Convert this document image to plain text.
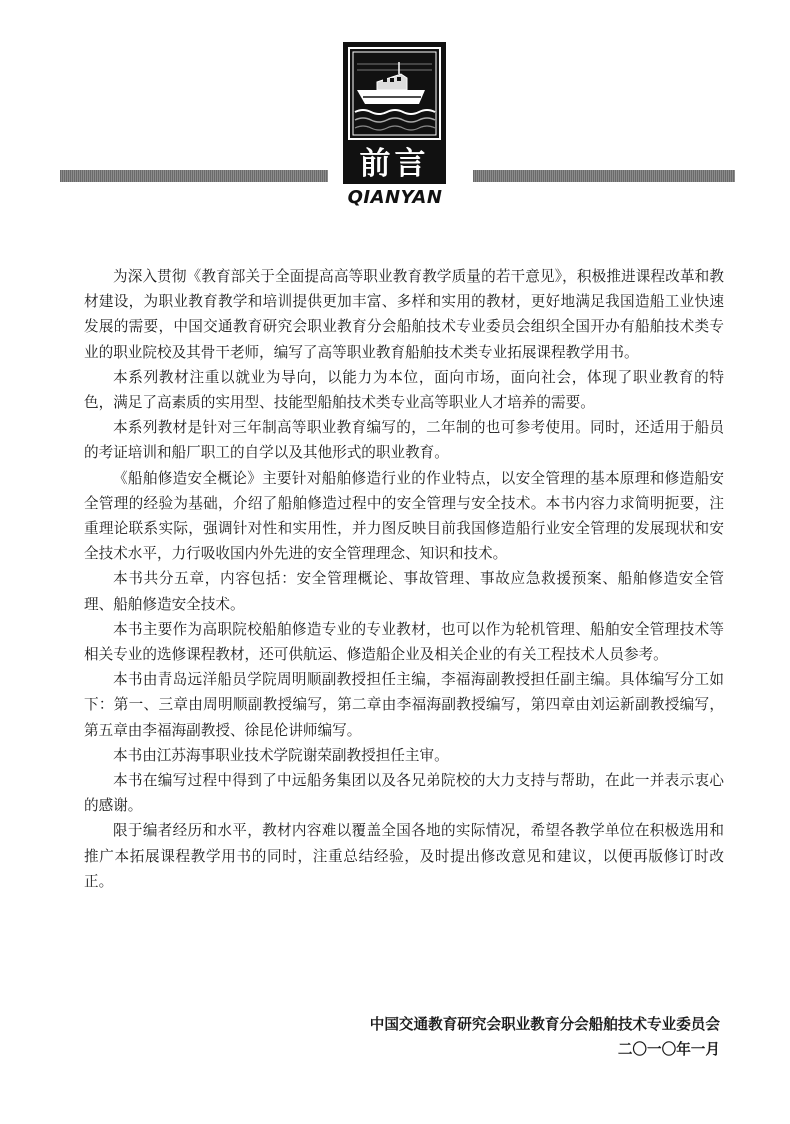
前言
QIANYAN

为深入贯彻《教育部关于全面提高高等职业教育教学质量的若干意见》，积极推进课程改革和教材建设，为职业教育教学和培训提供更加丰富、多样和实用的教材，更好地满足我国造船工业快速发展的需要，中国交通教育研究会职业教育分会船舶技术专业委员会组织全国开办有船舶技术类专业的职业院校及其骨干老师，编写了高等职业教育船舶技术类专业拓展课程教学用书。

本系列教材注重以就业为导向，以能力为本位，面向市场，面向社会，体现了职业教育的特色，满足了高素质的实用型、技能型船舶技术类专业高等职业人才培养的需要。

本系列教材是针对三年制高等职业教育编写的，二年制的也可参考使用。同时，还适用于船员的考证培训和船厂职工的自学以及其他形式的职业教育。

《船舶修造安全概论》主要针对船舶修造行业的作业特点，以安全管理的基本原理和修造船安全管理的经验为基础，介绍了船舶修造过程中的安全管理与安全技术。本书内容力求简明扼要，注重理论联系实际，强调针对性和实用性，并力图反映目前我国修造船行业安全管理的发展现状和安全技术水平，力行吸收国内外先进的安全管理理念、知识和技术。

本书共分五章，内容包括：安全管理概论、事故管理、事故应急救援预案、船舶修造安全管理、船舶修造安全技术。

本书主要作为高职院校船舶修造专业的专业教材，也可以作为轮机管理、船舶安全管理技术等相关专业的选修课程教材，还可供航运、修造船企业及相关企业的有关工程技术人员参考。

本书由青岛远洋船员学院周明顺副教授担任主编，李福海副教授担任副主编。具体编写分工如下：第一、三章由周明顺副教授编写，第二章由李福海副教授编写，第四章由刘运新副教授编写，第五章由李福海副教授、徐昆伦讲师编写。

本书由江苏海事职业技术学院谢荣副教授担任主审。

本书在编写过程中得到了中远船务集团以及各兄弟院校的大力支持与帮助，在此一并表示衷心的感谢。

限于编者经历和水平，教材内容难以覆盖全国各地的实际情况，希望各教学单位在积极选用和推广本拓展课程教学用书的同时，注重总结经验，及时提出修改意见和建议，以便再版修订时改正。

中国交通教育研究会职业教育分会船舶技术专业委员会
二〇一〇年一月
